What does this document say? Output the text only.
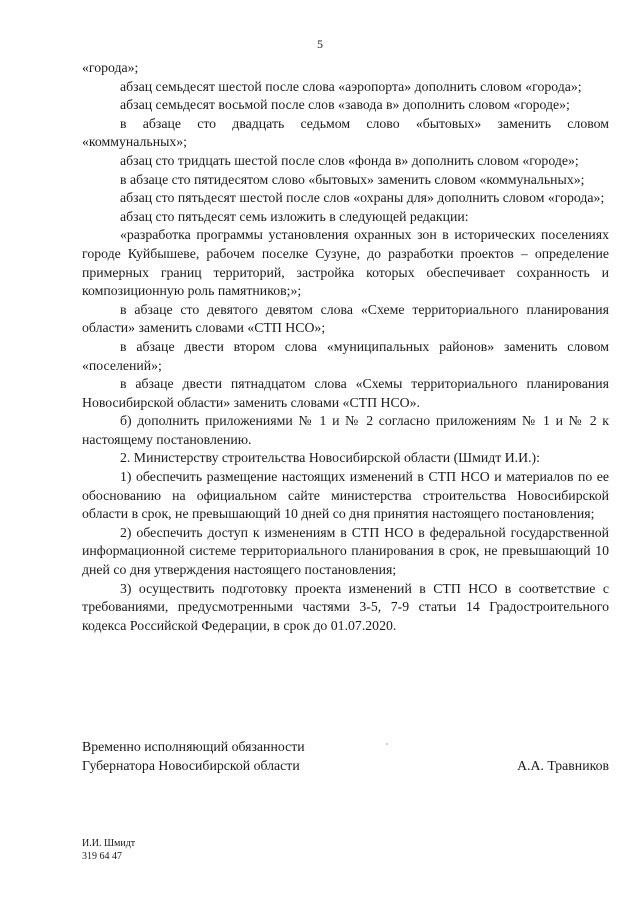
5

«города»;

абзац семьдесят шестой после слова «аэропорта» дополнить словом «города»;

абзац семьдесят восьмой после слов «завода в» дополнить словом «городе»;

в абзаце сто двадцать седьмом слово «бытовых» заменить словом «коммунальных»;

абзац сто тридцать шестой после слов «фонда в» дополнить словом «городе»;

в абзаце сто пятидесятом слово «бытовых» заменить словом «коммунальных»;

абзац сто пятьдесят шестой после слов «охраны для» дополнить словом «города»;

абзац сто пятьдесят семь изложить в следующей редакции:

«разработка программы установления охранных зон в исторических поселениях городе Куйбышеве, рабочем поселке Сузуне, до разработки проектов – определение примерных границ территорий, застройка которых обеспечивает сохранность и композиционную роль памятников;»;

в абзаце сто девятого девятом слова «Схеме территориального планирования области» заменить словами «СТП НСО»;

в абзаце двести втором слова «муниципальных районов» заменить словом «поселений»;

в абзаце двести пятнадцатом слова «Схемы территориального планирования Новосибирской области» заменить словами «СТП НСО».

б) дополнить приложениями № 1 и № 2 согласно приложениям № 1 и № 2 к настоящему постановлению.

2. Министерству строительства Новосибирской области (Шмидт И.И.):

1) обеспечить размещение настоящих изменений в СТП НСО и материалов по ее обоснованию на официальном сайте министерства строительства Новосибирской области в срок, не превышающий 10 дней со дня принятия настоящего постановления;

2) обеспечить доступ к изменениям в СТП НСО в федеральной государственной информационной системе территориального планирования в срок, не превышающий 10 дней со дня утверждения настоящего постановления;

3) осуществить подготовку проекта изменений в СТП НСО в соответствие с требованиями, предусмотренными частями 3-5, 7-9 статьи 14 Градостроительного кодекса Российской Федерации, в срок до 01.07.2020.

Временно исполняющий обязанности

Губернатора Новосибирской области	А.А. Травников
И.И. Шмидт
319 64 47
